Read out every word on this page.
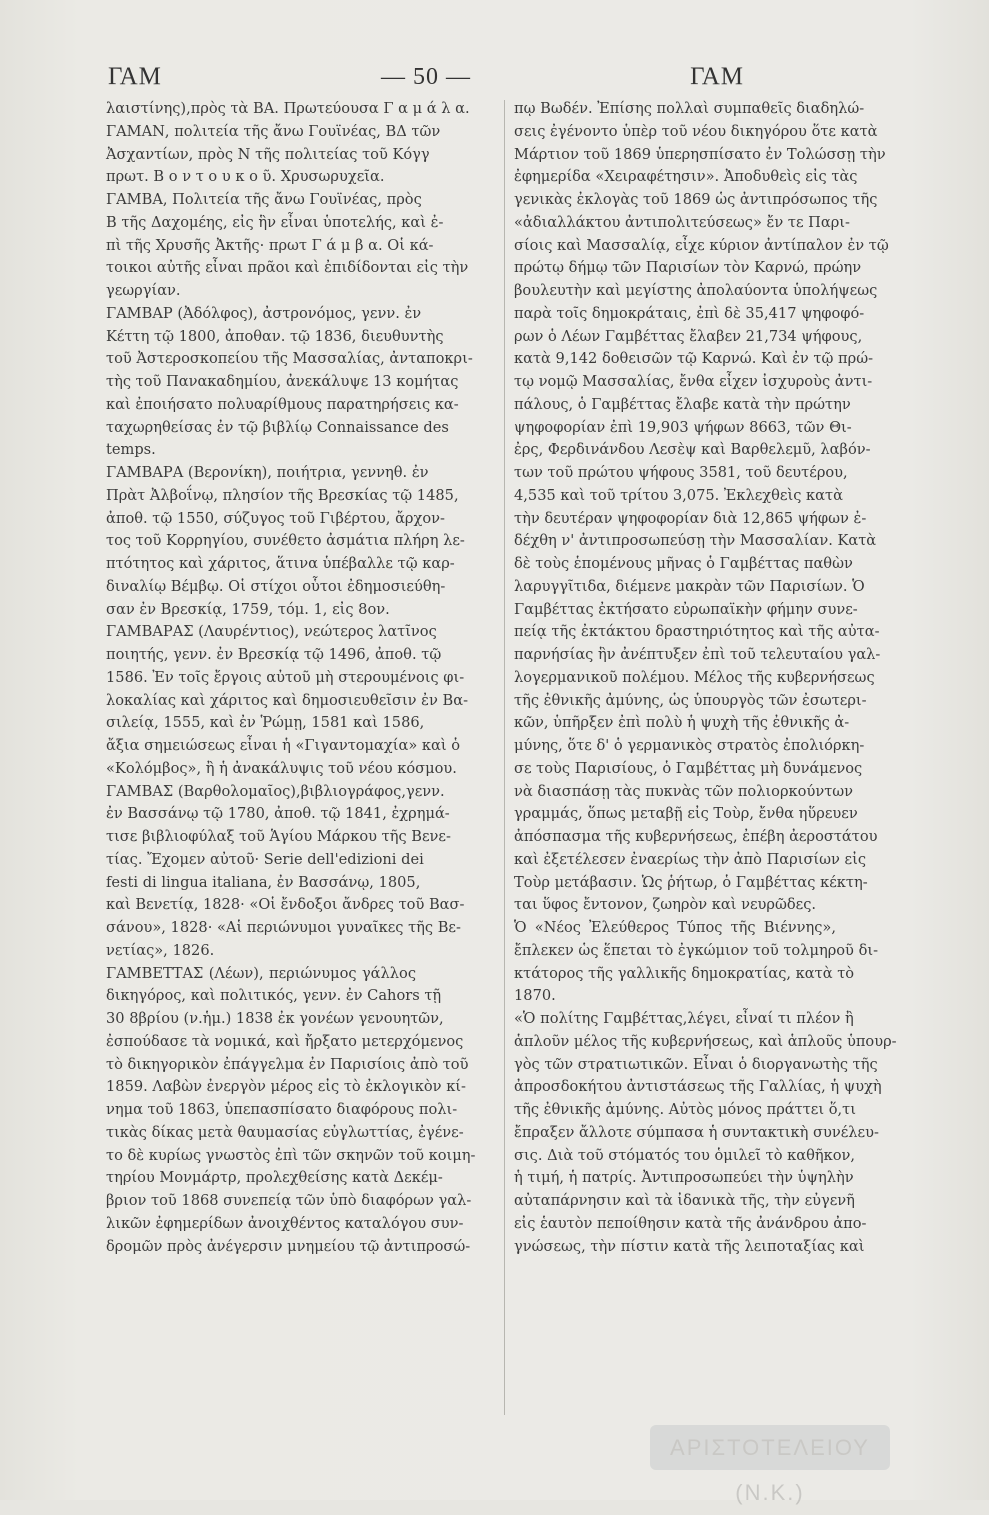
ΓΑΜ	— 50 —	ΓΑΜ
λαιστίνης),πρὸς τὰ ΒΑ. Πρωτεύουσα Γ α μ ά λ α.
ΓΑΜΑΝ, πολιτεία τῆς ἄνω Γουϊνέας, ΒΔ τῶν
Ἀσχαντίων, πρὸς Ν τῆς πολιτείας τοῦ Κόγγ
πρωτ. Β ο ν τ ο υ κ ο ῦ. Χρυσωρυχεῖα.
ΓΑΜΒΑ, Πολιτεία τῆς ἄνω Γουϊνέας, πρὸς
Β τῆς Δαχομέης, εἰς ἣν εἶναι ὑποτελής, καὶ ἐ-
πὶ τῆς Χρυσῆς Ἀκτῆς· πρωτ Γ ά μ β α. Οἱ κά-
τοικοι αὐτῆς εἶναι πρᾶοι καὶ ἐπιδίδονται εἰς τὴν
γεωργίαν.
ΓΑΜΒΑΡ (Ἀδόλφος), ἀστρονόμος, γενν. ἐν
Κέττη τῷ 1800, ἀποθαν. τῷ 1836, διευθυντὴς
τοῦ Ἀστεροσκοπείου τῆς Μασσαλίας, ἀνταποκρι-
τὴς τοῦ Πανακαδημίου, ἀνεκάλυψε 13 κομήτας
καὶ ἐποιήσατο πολυαρίθμους παρατηρήσεις κα-
ταχωρηθείσας ἐν τῷ βιβλίῳ Connaissance des
temps.
ΓΑΜΒΑΡΑ (Βερονίκη), ποιήτρια, γεννηθ. ἐν
Πρὰτ Ἀλβοΐνῳ, πλησίον τῆς Βρεσκίας τῷ 1485,
ἀποθ. τῷ 1550, σύζυγος τοῦ Γιβέρτου, ἄρχον-
τος τοῦ Κορρηγίου, συνέθετο ἀσμάτια πλήρη λε-
πτότητος καὶ χάριτος, ἅτινα ὑπέβαλλε τῷ καρ-
διναλίῳ Βέμβῳ. Οἱ στίχοι οὗτοι ἐδημοσιεύθη-
σαν ἐν Βρεσκίᾳ, 1759, τόμ. 1, εἰς 8ον.
ΓΑΜΒΑΡΑΣ (Λαυρέντιος), νεώτερος λατῖνος
ποιητής, γενν. ἐν Βρεσκίᾳ τῷ 1496, ἀποθ. τῷ
1586. Ἐν τοῖς ἔργοις αὐτοῦ μὴ στερουμένοις φι-
λοκαλίας καὶ χάριτος καὶ δημοσιευθεῖσιν ἐν Βα-
σιλείᾳ, 1555, καὶ ἐν Ῥώμῃ, 1581 καὶ 1586,
ἄξια σημειώσεως εἶναι ἡ «Γιγαντομαχία» καὶ ὁ
«Κολόμβος», ἢ ἡ ἀνακάλυψις τοῦ νέου κόσμου.
ΓΑΜΒΑΣ (Βαρθολομαῖος),βιβλιογράφος,γενν.
ἐν Βασσάνῳ τῷ 1780, ἀποθ. τῷ 1841, ἐχρημά-
τισε βιβλιοφύλαξ τοῦ Ἁγίου Μάρκου τῆς Βενε-
τίας. Ἔχομεν αὐτοῦ· Serie dell'edizioni dei
festi di lingua italiana, ἐν Βασσάνῳ, 1805,
καὶ Βενετίᾳ, 1828· «Οἱ ἔνδοξοι ἄνδρες τοῦ Βασ-
σάνου», 1828· «Αἱ περιώνυμοι γυναῖκες τῆς Βε-
νετίας», 1826.
ΓΑΜΒΕΤΤΑΣ (Λέων), περιώνυμος γάλλος
δικηγόρος, καὶ πολιτικός, γενν. ἐν Cahors τῇ
30 8βρίου (ν.ἡμ.) 1838 ἐκ γονέων γενουητῶν,
ἐσπούδασε τὰ νομικά, καὶ ἤρξατο μετερχόμενος
τὸ δικηγορικὸν ἐπάγγελμα ἐν Παρισίοις ἀπὸ τοῦ
1859. Λαβὼν ἐνεργὸν μέρος εἰς τὸ ἐκλογικὸν κί-
νημα τοῦ 1863, ὑπεπασπίσατο διαφόρους πολι-
τικὰς δίκας μετὰ θαυμασίας εὐγλωττίας, ἐγένε-
το δὲ κυρίως γνωστὸς ἐπὶ τῶν σκηνῶν τοῦ κοιμη-
τηρίου Μονμάρτρ, προλεχθείσης κατὰ Δεκέμ-
βριον τοῦ 1868 συνεπείᾳ τῶν ὑπὸ διαφόρων γαλ-
λικῶν ἐφημερίδων ἀνοιχθέντος καταλόγου συν-
δρομῶν πρὸς ἀνέγερσιν μνημείου τῷ ἀντιπροσώ-
πῳ Βωδέν. Ἐπίσης πολλαὶ συμπαθεῖς διαδηλώ-
σεις ἐγένοντο ὑπὲρ τοῦ νέου δικηγόρου ὅτε κατὰ
Μάρτιον τοῦ 1869 ὑπερησπίσατο ἐν Τολώσσῃ τὴν
ἐφημερίδα «Χειραφέτησιν». Ἀποδυθεὶς εἰς τὰς
γενικὰς ἐκλογὰς τοῦ 1869 ὡς ἀντιπρόσωπος τῆς
«ἀδιαλλάκτου ἀντιπολιτεύσεως» ἔν τε Παρι-
σίοις καὶ Μασσαλίᾳ, εἶχε κύριον ἀντίπαλον ἐν τῷ
πρώτῳ δήμῳ τῶν Παρισίων τὸν Καρνώ, πρώην
βουλευτὴν καὶ μεγίστης ἀπολαύοντα ὑπολήψεως
παρὰ τοῖς δημοκράταις, ἐπὶ δὲ 35,417 ψηφοφό-
ρων ὁ Λέων Γαμβέττας ἔλαβεν 21,734 ψήφους,
κατὰ 9,142 δοθεισῶν τῷ Καρνώ. Καὶ ἐν τῷ πρώ-
τῳ νομῷ Μασσαλίας, ἔνθα εἶχεν ἰσχυροὺς ἀντι-
πάλους, ὁ Γαμβέττας ἔλαβε κατὰ τὴν πρώτην
ψηφοφορίαν ἐπὶ 19,903 ψήφων 8663, τῶν Θι-
ἐρς, Φερδινάνδου Λεσὲψ καὶ Βαρθελεμῦ, λαβόν-
των τοῦ πρώτου ψήφους 3581, τοῦ δευτέρου,
4,535 καὶ τοῦ τρίτου 3,075. Ἐκλεχθεὶς κατὰ
τὴν δευτέραν ψηφοφορίαν διὰ 12,865 ψήφων ἐ-
δέχθη ν' ἀντιπροσωπεύσῃ τὴν Μασσαλίαν. Κατὰ
δὲ τοὺς ἑπομένους μῆνας ὁ Γαμβέττας παθὼν
λαρυγγῖτιδα, διέμενε μακρὰν τῶν Παρισίων. Ὁ
Γαμβέττας ἐκτήσατο εὐρωπαϊκὴν φήμην συνε-
πείᾳ τῆς ἐκτάκτου δραστηριότητος καὶ τῆς αὐτα-
παρνήσίας ἣν ἀνέπτυξεν ἐπὶ τοῦ τελευταίου γαλ-
λογερμανικοῦ πολέμου. Μέλος τῆς κυβερνήσεως
τῆς ἐθνικῆς ἀμύνης, ὡς ὑπουργὸς τῶν ἐσωτερι-
κῶν, ὑπῆρξεν ἐπὶ πολὺ ἡ ψυχὴ τῆς ἐθνικῆς ἀ-
μύνης, ὅτε δ' ὁ γερμανικὸς στρατὸς ἐπολιόρκη-
σε τοὺς Παρισίους, ὁ Γαμβέττας μὴ δυνάμενος
νὰ διασπάσῃ τὰς πυκνὰς τῶν πολιορκούντων
γραμμάς, ὅπως μεταβῇ εἰς Τοὺρ, ἔνθα ηὕρευεν
ἀπόσπασμα τῆς κυβερνήσεως, ἐπέβη ἀεροστάτου
καὶ ἐξετέλεσεν ἐναερίως τὴν ἀπὸ Παρισίων εἰς
Τοὺρ μετάβασιν. Ὡς ῥήτωρ, ὁ Γαμβέττας κέκτη-
ται ὕφος ἔντονον, ζωηρὸν καὶ νευρῶδες.
Ὁ «Νέος Ἐλεύθερος Τύπος τῆς Βιέννης»,
ἔπλεκεν ὡς ἕπεται τὸ ἐγκώμιον τοῦ τολμηροῦ δι-
κτάτορος τῆς γαλλικῆς δημοκρατίας, κατὰ τὸ
1870.
«Ὁ πολίτης Γαμβέττας,λέγει, εἶναί τι πλέον ἢ
ἁπλοῦν μέλος τῆς κυβερνήσεως, καὶ ἁπλοῦς ὑπουρ-
γὸς τῶν στρατιωτικῶν. Εἶναι ὁ διοργανωτὴς τῆς
ἀπροσδοκήτου ἀντιστάσεως τῆς Γαλλίας, ἡ ψυχὴ
τῆς ἐθνικῆς ἀμύνης. Αὐτὸς μόνος πράττει ὅ,τι
ἔπραξεν ἄλλοτε σύμπασα ἡ συντακτικὴ συνέλευ-
σις. Διὰ τοῦ στόματός του ὁμιλεῖ τὸ καθῆκον,
ἡ τιμή, ἡ πατρίς. Ἀντιπροσωπεύει τὴν ὑψηλὴν
αὐταπάρνησιν καὶ τὰ ἰδανικὰ τῆς, τὴν εὐγενῆ
εἰς ἑαυτὸν πεποίθησιν κατὰ τῆς ἀνάνδρου ἀπο-
γνώσεως, τὴν πίστιν κατὰ τῆς λειποταξίας καὶ
ΑΡΙΣΤΟΤΕΛΕΙΟΥ (Ν.Κ.)
